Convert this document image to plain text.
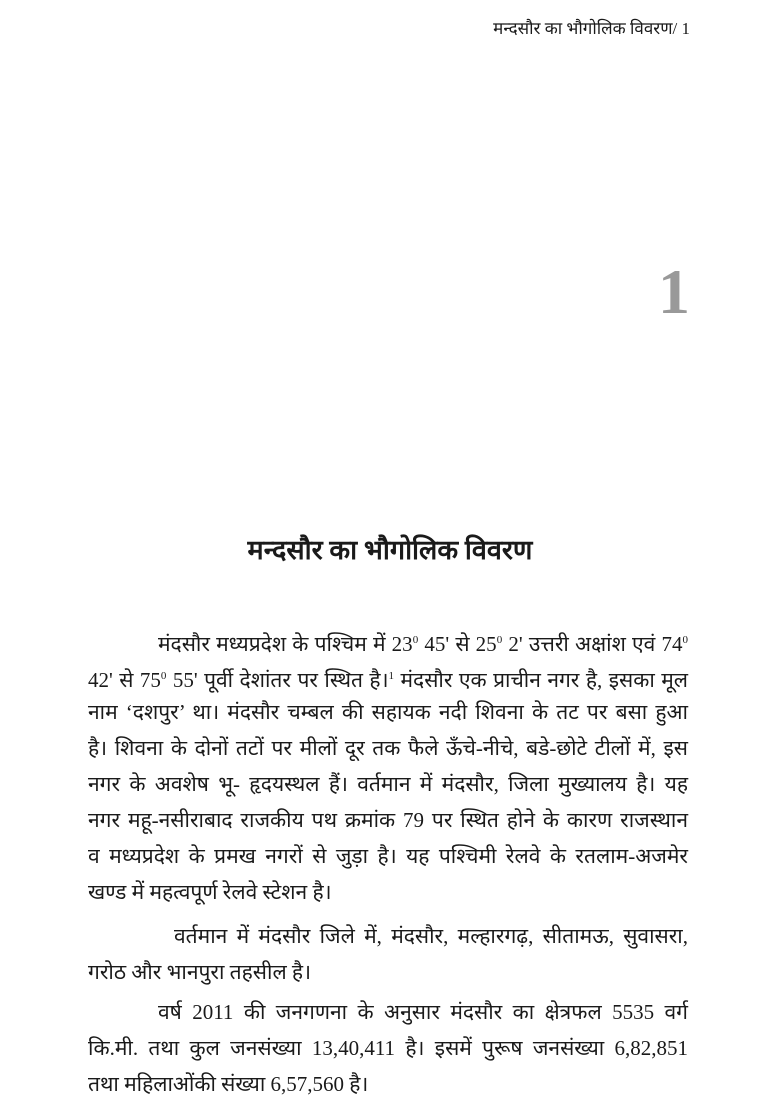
मन्दसौर का भौगोलिक विवरण/ 1
1
मन्दसौर का भौगोलिक विवरण
मंदसौर मध्यप्रदेश के पश्चिम में $23^0$ 45' से $25^0$ 2' उत्तरी अक्षांश एवं $74^0$
42' से $75^0$ 55' पूर्वी देशांतर पर स्थित है।$^1$ मंदसौर एक प्राचीन नगर है, इसका मूल
नाम ‘दशपुर’ था। मंदसौर चम्बल की सहायक नदी शिवना के तट पर बसा हुआ
है। शिवना के दोनों तटों पर मीलों दूर तक फैले ऊँचे-नीचे, बडे-छोटे टीलों में, इस
नगर के अवशेष भू- हृदयस्थल हैं। वर्तमान में मंदसौर, जिला मुख्यालय है। यह
नगर महू-नसीराबाद राजकीय पथ क्रमांक 79 पर स्थित होने के कारण राजस्थान
व मध्यप्रदेश के प्रमख नगरों से जुड़ा है। यह पश्चिमी रेलवे के रतलाम-अजमेर
खण्ड में महत्वपूर्ण रेलवे स्टेशन है।
वर्तमान में मंदसौर जिले में, मंदसौर, मल्हारगढ़, सीतामऊ, सुवासरा,
गरोठ और भानपुरा तहसील है।
वर्ष 2011 की जनगणना के अनुसार मंदसौर का क्षेत्रफल 5535 वर्ग
कि.मी. तथा कुल जनसंख्या 13,40,411 है। इसमें पुरूष जनसंख्या 6,82,851
तथा महिलाओंकी संख्या 6,57,560 है।
